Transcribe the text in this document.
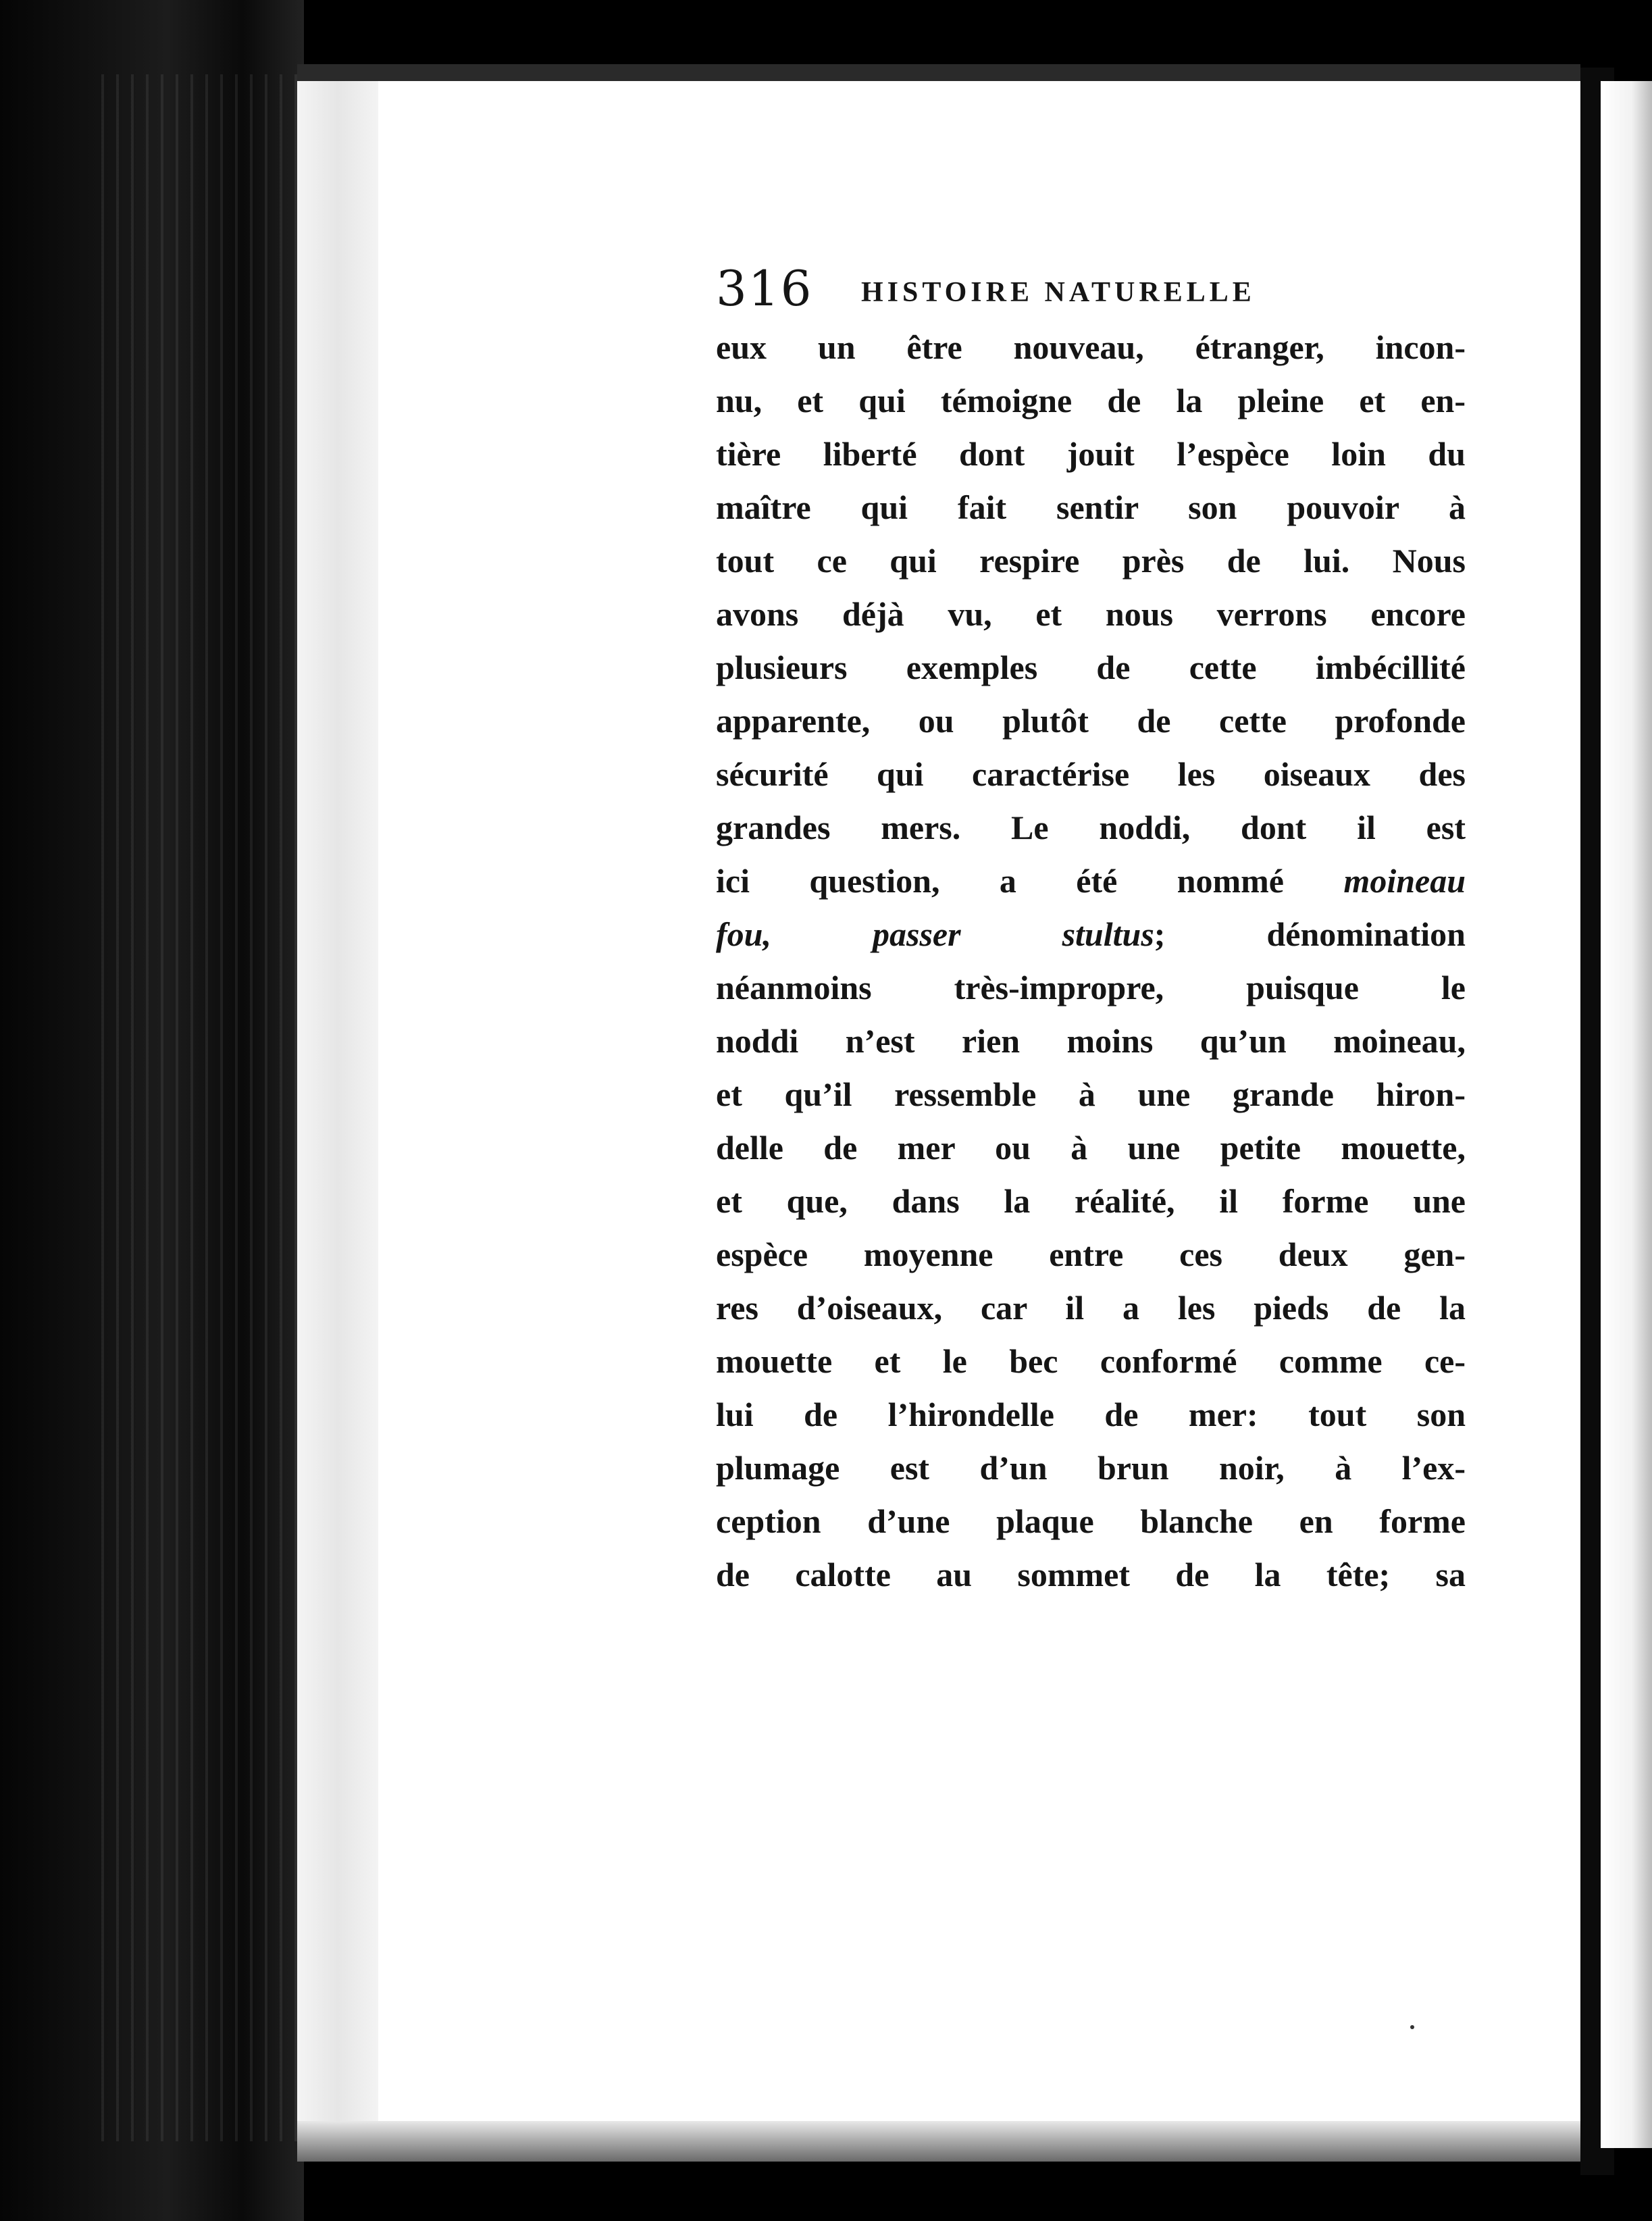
316 HISTOIRE NATURELLE
eux un être nouveau, étranger, incon-
nu, et qui témoigne de la pleine et en-
tière liberté dont jouit l’espèce loin du
maître qui fait sentir son pouvoir à
tout ce qui respire près de lui. Nous
avons déjà vu, et nous verrons encore
plusieurs exemples de cette imbécillité
apparente, ou plutôt de cette profonde
sécurité qui caractérise les oiseaux des
grandes mers. Le noddi, dont il est
ici question, a été nommé moineau
fou, passer stultus; dénomination
néanmoins très-impropre, puisque le
noddi n’est rien moins qu’un moineau,
et qu’il ressemble à une grande hiron-
delle de mer ou à une petite mouette,
et que, dans la réalité, il forme une
espèce moyenne entre ces deux gen-
res d’oiseaux, car il a les pieds de la
mouette et le bec conformé comme ce-
lui de l’hirondelle de mer: tout son
plumage est d’un brun noir, à l’ex-
ception d’une plaque blanche en forme
de calotte au sommet de la tête; sa
